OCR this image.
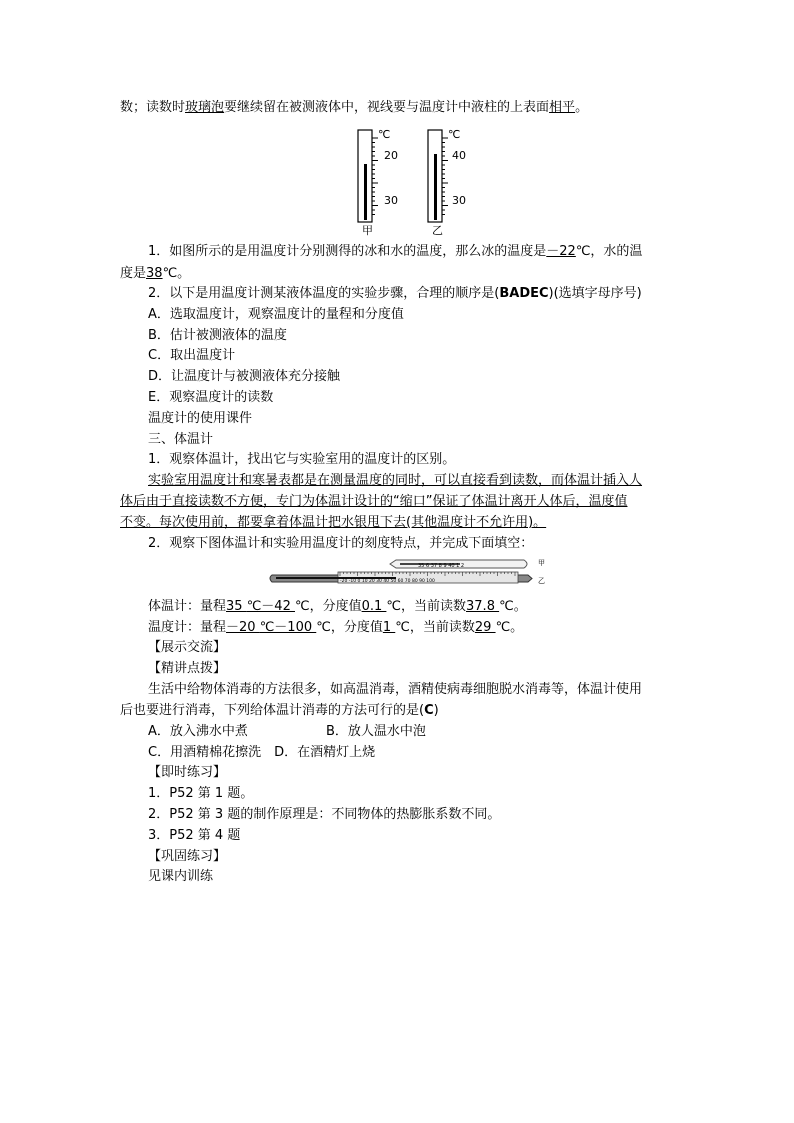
数；读数时玻璃泡要继续留在被测液体中，视线要与温度计中液柱的上表面相平。
℃
20
30
甲
℃
40
30
乙
1．如图所示的是用温度计分别测得的冰和水的温度，那么冰的温度是－22℃，水的温
度是38℃。
2．以下是用温度计测某液体温度的实验步骤，合理的顺序是(BADEC)(选填字母序号)
A．选取温度计，观察温度计的量程和分度值
B．估计被测液体的温度
C．取出温度计
D．让温度计与被测液体充分接触
E．观察温度计的读数
温度计的使用课件
三、体温计
1．观察体温计，找出它与实验室用的温度计的区别。
实验室用温度计和寒暑表都是在测量温度的同时，可以直接看到读数，而体温计插入人
体后由于直接读数不方便，专门为体温计设计的“缩口”保证了体温计离开人体后，温度值
不变。每次使用前，都要拿着体温计把水银甩下去(其他温度计不允许用)。
2．观察下图体温计和实验用温度计的刻度特点，并完成下面填空：
35 6 37 8 9 40 1 2	甲
-20 -10 0 10 20 30 40 50 60 70 80 90 100	乙
体温计：量程35 ℃－42 ℃，分度值0.1 ℃，当前读数37.8 ℃。
温度计：量程－20 ℃－100 ℃，分度值1 ℃，当前读数29 ℃。
【展示交流】
【精讲点拨】
生活中给物体消毒的方法很多，如高温消毒，酒精使病毒细胞脱水消毒等，体温计使用
后也要进行消毒，下列给体温计消毒的方法可行的是(C)
A．放入沸水中煮	B．放人温水中泡
C．用酒精棉花擦洗　D．在酒精灯上烧
【即时练习】
1．P52 第 1 题。
2．P52 第 3 题的制作原理是：不同物体的热膨胀系数不同。
3．P52 第 4 题
【巩固练习】
见课内训练
